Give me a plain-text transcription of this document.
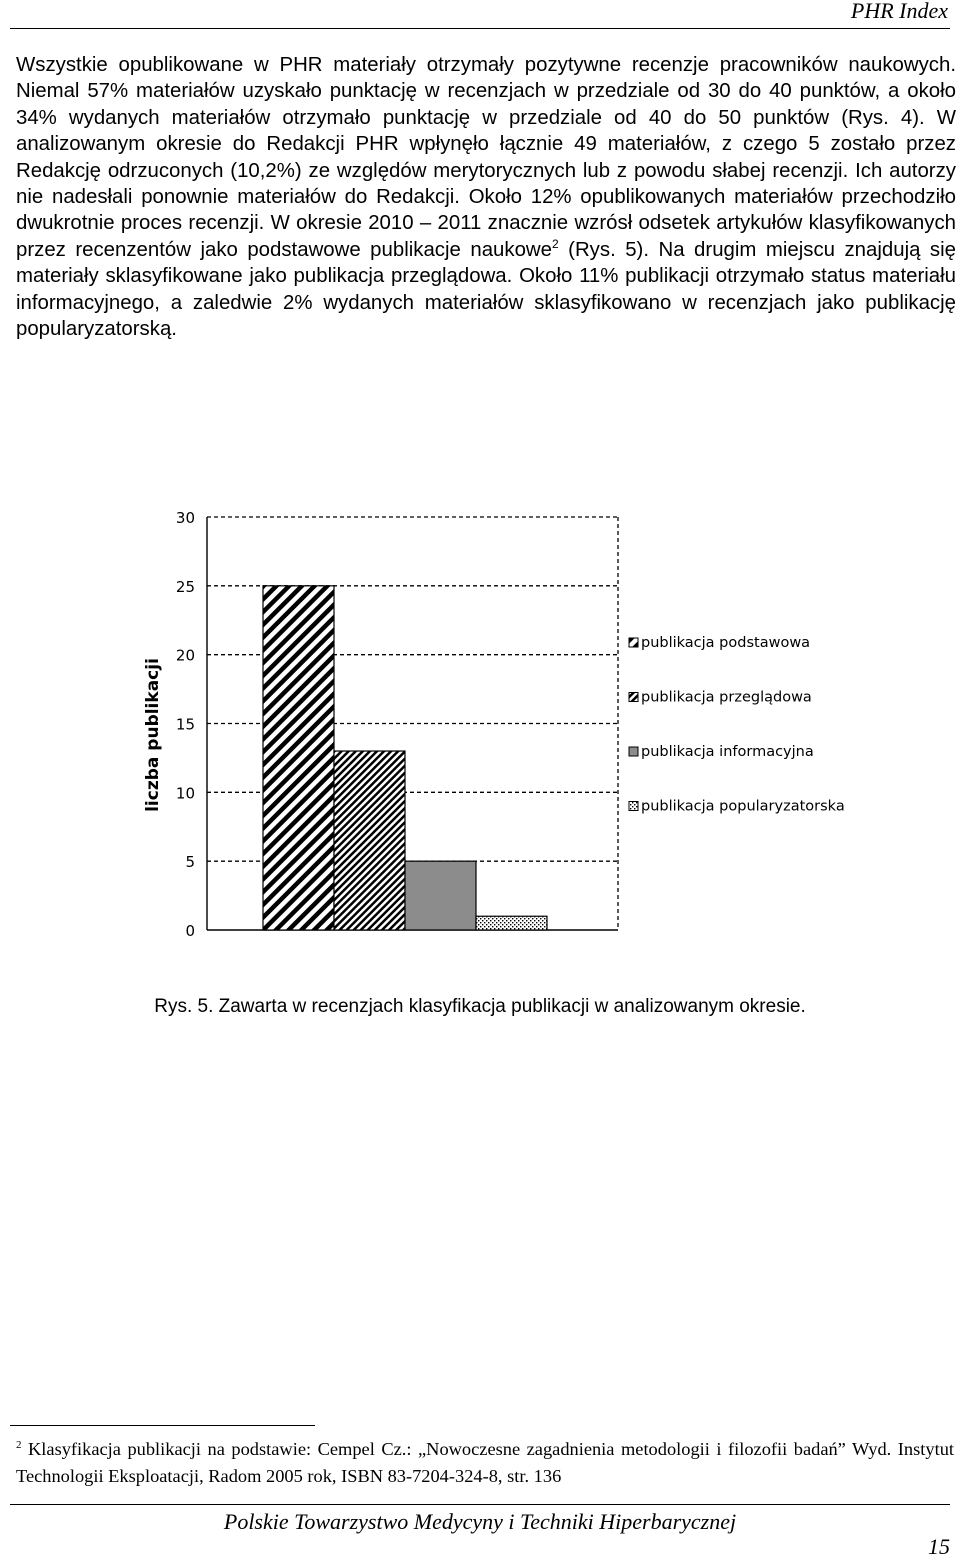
PHR Index

Wszystkie opublikowane w PHR materiały otrzymały pozytywne recenzje pracowników naukowych. Niemal 57% materiałów uzyskało punktację w recenzjach w przedziale od 30 do 40 punktów, a około 34% wydanych materiałów otrzymało punktację w przedziale od 40 do 50 punktów (Rys. 4). W analizowanym okresie do Redakcji PHR wpłynęło łącznie 49 materiałów, z czego 5 zostało przez Redakcję odrzuconych (10,2%) ze względów merytorycznych lub z powodu słabej recenzji. Ich autorzy nie nadesłali ponownie materiałów do Redakcji. Około 12% opublikowanych materiałów przechodziło dwukrotnie proces recenzji. W okresie 2010 – 2011 znacznie wzrósł odsetek artykułów klasyfikowanych przez recenzentów jako podstawowe publikacje naukowe$^2$ (Rys. 5). Na drugim miejscu znajdują się materiały sklasyfikowane jako publikacja przeglądowa. Około 11% publikacji otrzymało status materiału informacyjnego, a zaledwie 2% wydanych materiałów sklasyfikowano w recenzjach jako publikację popularyzatorską.

0
5
10
15
20
25
30
publikacja podstawowa
publikacja przeglądowa
publikacja informacyjna
publikacja popularyzatorska
liczba publikacji
Rys. 5. Zawarta w recenzjach klasyfikacja publikacji w analizowanym okresie.

$^2$ Klasyfikacja publikacji na podstawie: Cempel Cz.: „Nowoczesne zagadnienia metodologii i filozofii badań” Wyd. Instytut Technologii Eksploatacji, Radom 2005 rok, ISBN 83-7204-324-8, str. 136

Polskie Towarzystwo Medycyny i Techniki Hiperbarycznej
15
